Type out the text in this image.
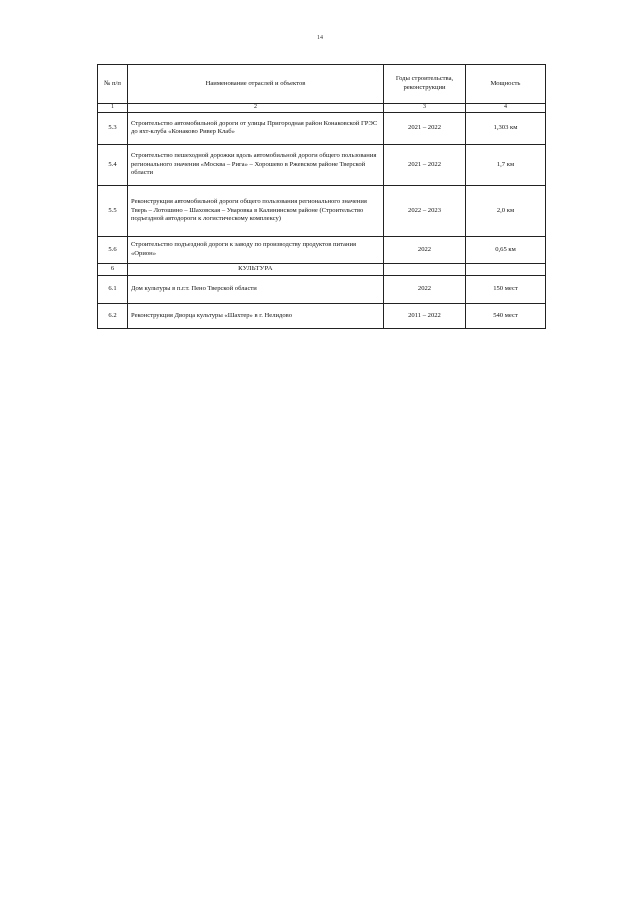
14
№ п/п	Наименование отраслей и объектов	Годы строительства, реконструкции	Мощность
1	2	3	4
5.3	Строительство автомобильной дороги от улицы Пригородная район Конаковской ГРЭС до яхт-клуба «Конаково Ривер Клаб»	2021 – 2022	1,303 км
5.4	Строительство пешеходной дорожки вдоль автомобильной дороги общего пользования регионального значения «Москва – Рига» – Хорошево в Ржевском районе Тверской области	2021 – 2022	1,7 км
5.5	Реконструкция автомобильной дороги общего пользования регионального значения Тверь – Лотошино – Шаховская – Уваровка в Калининском районе (Строительство подъездной автодороги к логистическому комплексу)	2022 – 2023	2,0 км
5.6	Строительство подъездной дороги к заводу по производству продуктов питания «Орион»	2022	0,65 км
6	КУЛЬТУРА		
6.1	Дом культуры в п.г.т. Пено Тверской области	2022	150 мест
6.2	Реконструкция Дворца культуры «Шахтер» в г. Нелидово	2011 – 2022	540 мест
